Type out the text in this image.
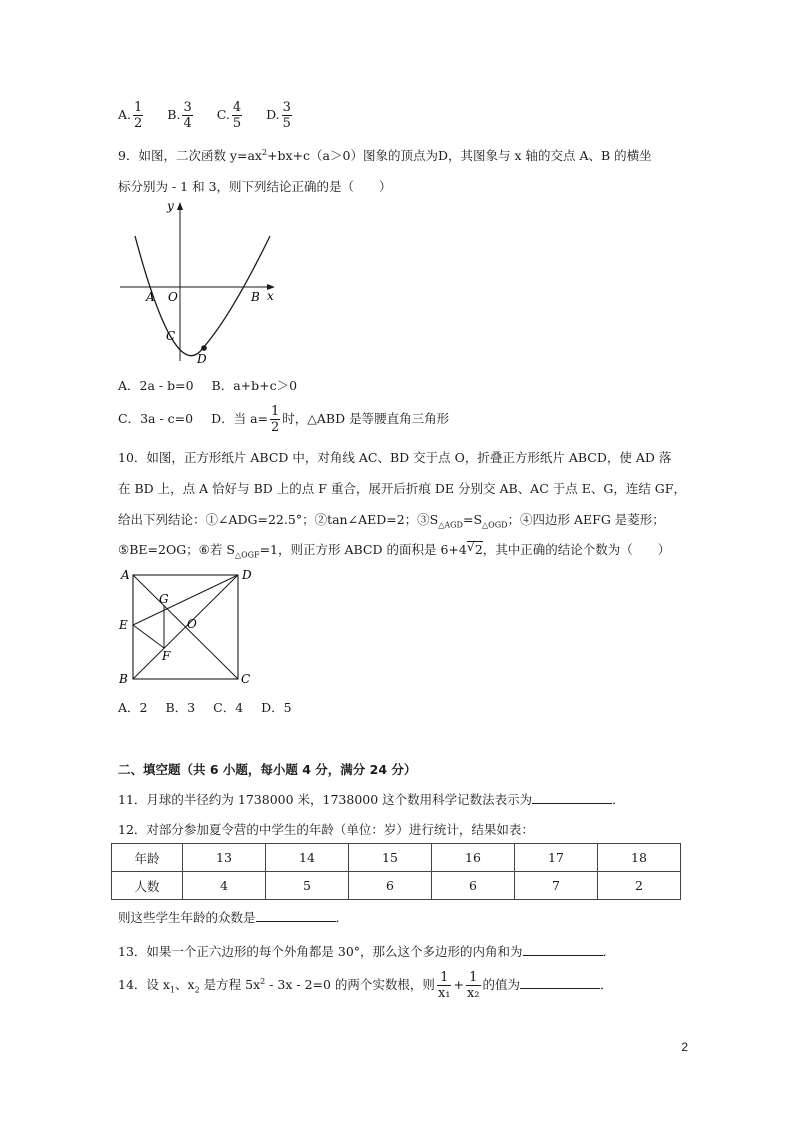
A. $\frac{1}{2} B$. $\frac{3}{4} C$. $\frac{4}{5} D$. $\frac{3}{5}$
9．如图，二次函数 $y=ax^2+bx+c(a>0)$图象的顶点为D，其图象与 x 轴的交点 A、B 的横坐
标分别为 - 1 和 3，则下列结论正确的是（　　）
y
x
A O	B
C
D
A．2a - b=0 B．a+b+c＞0
C．3a - c=0 D．当 $a= \frac{1}{2}$ 时，△ABD 是等腰直角三角形
10．如图，正方形纸片 ABCD 中，对角线 AC、BD 交于点 O，折叠正方形纸片 ABCD，使 AD 落
在 BD 上，点 A 恰好与 BD 上的点 F 重合，展开后折痕 DE 分别交 AB、AC 于点 E、G，连结 GF，
给出下列结论：①∠ADG=22.5°；②tan∠AED=2；$③S_{\triangle AGD}=S_{\triangle OGD}$；④四边形 AEFG 是菱形；
⑤BE=2OG；⑥若 $S_{\triangle OGF}=1$，则正方形 ABCD 的面积是 6+4 √ 2，其中正确的结论个数为（　　）
A	D
G
E	O
F
B	C
A．2 B．3 C．4 D．5
二、填空题（共 6 小题，每小题 4 分，满分 24 分）
11．月球的半径约为 1738000 米，1738000 这个数用科学记数法表示为	．
12．对部分参加夏令营的中学生的年龄（单位：岁）进行统计，结果如表：
年龄	13	14	15	16	17	18
人数	4	5	6	6	7	2
则这些学生年龄的众数是	．
13．如果一个正六边形的每个外角都是 30°，那么这个多边形的内角和为	．
14．设 $x_1$、$x_2$ 是方程 $5x^2 - 3x - 2=0$ 的两个实数根，则 $\frac{1}{\text{x₁}} + \frac{1}{\text{x₂}}$ 的值为	．
2
